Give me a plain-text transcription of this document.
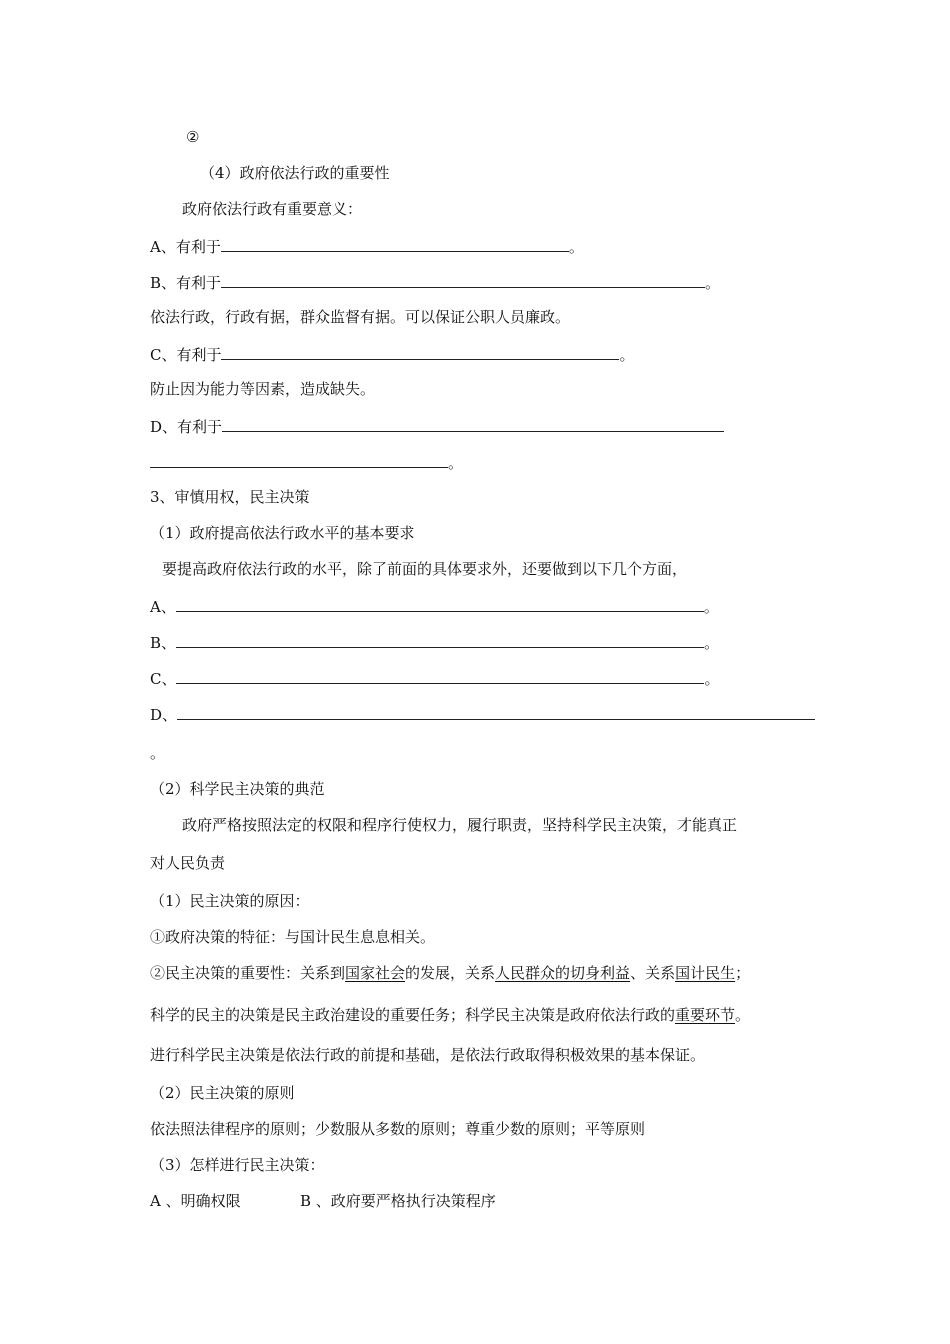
②
（4）政府依法行政的重要性
政府依法行政有重要意义：
A、有利于	。
B、有利于	。
依法行政，行政有据，群众监督有据。可以保证公职人员廉政。
C、有利于	。
防止因为能力等因素，造成缺失。
D、有利于
。
3、审慎用权，民主决策
（1）政府提高依法行政水平的基本要求
要提高政府依法行政的水平，除了前面的具体要求外，还要做到以下几个方面，
A、	。
B、	。
C、	。
D、
。
（2）科学民主决策的典范
政府严格按照法定的权限和程序行使权力，履行职责，坚持科学民主决策，才能真正
对人民负责
（1）民主决策的原因：
①政府决策的特征：与国计民生息息相关。
②民主决策的重要性：关系到国家社会的发展，关系人民群众的切身利益、关系国计民生；
科学的民主的决策是民主政治建设的重要任务；科学民主决策是政府依法行政的重要环节。
进行科学民主决策是依法行政的前提和基础，是依法行政取得积极效果的基本保证。
（2）民主决策的原则
依法照法律程序的原则；少数服从多数的原则；尊重少数的原则；平等原则
（3）怎样进行民主决策：
A 、明确权限	B 、政府要严格执行决策程序
